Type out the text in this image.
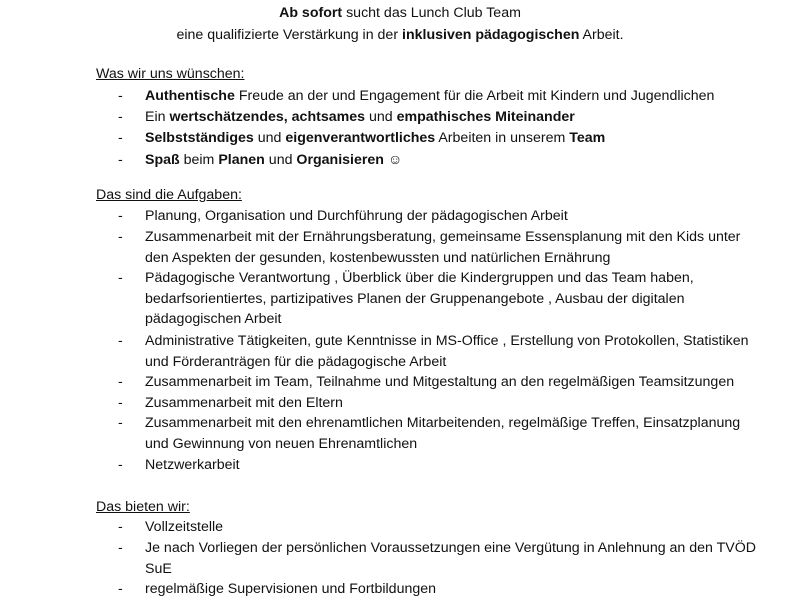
Ab sofort sucht das Lunch Club Team
eine qualifizierte Verstärkung in der inklusiven pädagogischen Arbeit.
Was wir uns wünschen:
- Authentische Freude an der und Engagement für die Arbeit mit Kindern und Jugendlichen
- Ein wertschätzendes, achtsames und empathisches Miteinander
- Selbstständiges und eigenverantwortliches Arbeiten in unserem Team
- Spaß beim Planen und Organisieren ☺
Das sind die Aufgaben:
- Planung, Organisation und Durchführung der pädagogischen Arbeit
- Zusammenarbeit mit der Ernährungsberatung, gemeinsame Essensplanung mit den Kids unter den Aspekten der gesunden, kostenbewussten und natürlichen Ernährung
- Pädagogische Verantwortung , Überblick über die Kindergruppen und das Team haben, bedarfsorientiertes, partizipatives Planen der Gruppenangebote , Ausbau der digitalen pädagogischen Arbeit
- Administrative Tätigkeiten, gute Kenntnisse in MS-Office , Erstellung von Protokollen, Statistiken und Förderanträgen für die pädagogische Arbeit
- Zusammenarbeit im Team, Teilnahme und Mitgestaltung an den regelmäßigen Teamsitzungen
- Zusammenarbeit mit den Eltern
- Zusammenarbeit mit den ehrenamtlichen Mitarbeitenden, regelmäßige Treffen, Einsatzplanung und Gewinnung von neuen Ehrenamtlichen
- Netzwerkarbeit
Das bieten wir:
- Vollzeitstelle
- Je nach Vorliegen der persönlichen Voraussetzungen eine Vergütung in Anlehnung an den TVÖD SuE
- regelmäßige Supervisionen und Fortbildungen
